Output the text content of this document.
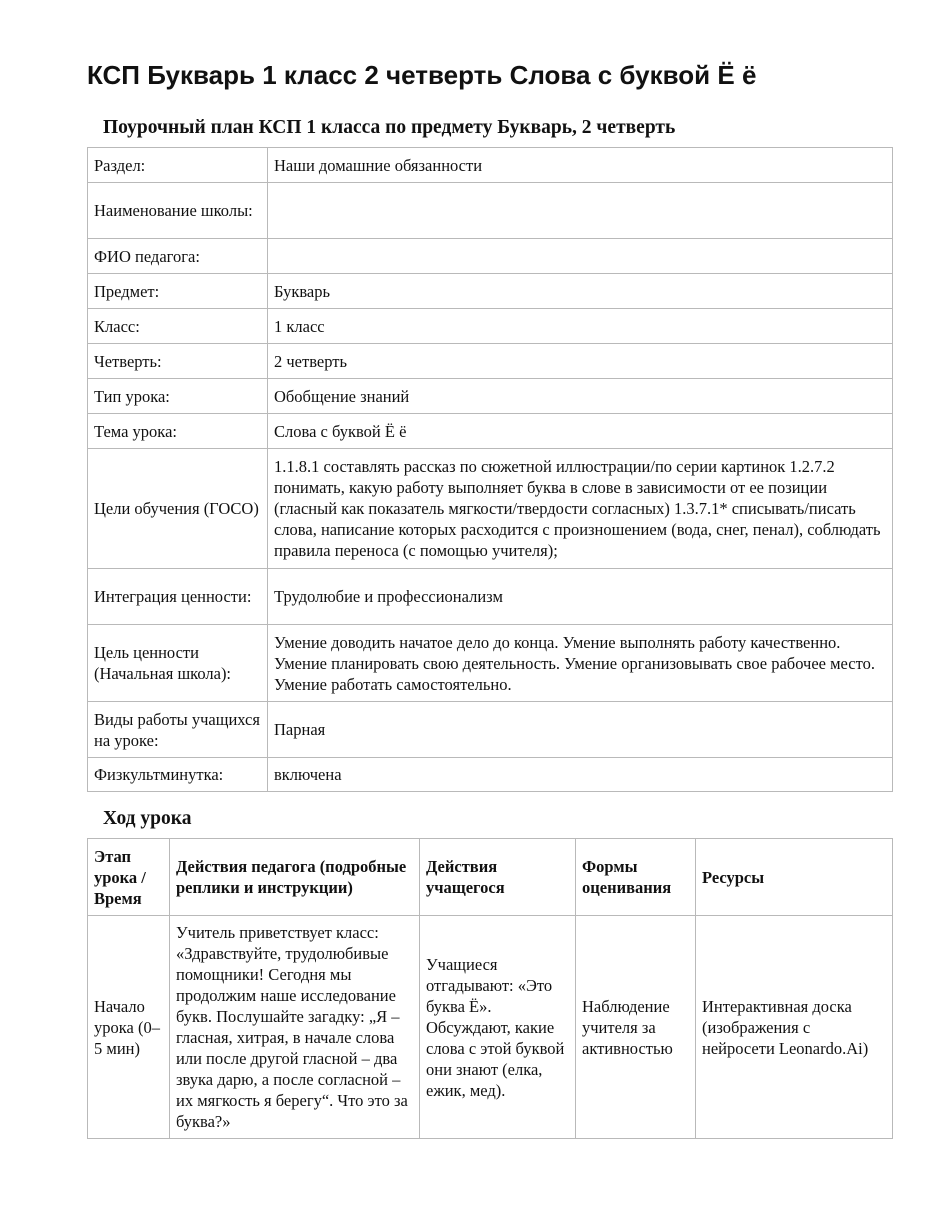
КСП Букварь 1 класс 2 четверть Слова с буквой Ё ё
Поурочный план КСП 1 класса по предмету Букварь, 2 четверть
Раздел:	Наши домашние обязанности
Наименование школы:	
ФИО педагога:	
Предмет:	Букварь
Класс:	1 класс
Четверть:	2 четверть
Тип урока:	Обобщение знаний
Тема урока:	Слова с буквой Ё ё
Цели обучения (ГОСО)	1.1.8.1 составлять рассказ по сюжетной иллюстрации/по серии картинок 1.2.7.2 понимать, какую работу выполняет буква в слове в зависимости от ее позиции (гласный как показатель мягкости/твердости согласных) 1.3.7.1* списывать/писать слова, написание которых расходится с произношением (вода, снег, пенал), соблюдать правила переноса (с помощью учителя);
Интеграция ценности:	Трудолюбие и профессионализм
Цель ценности (Начальная школа):	Умение доводить начатое дело до конца. Умение выполнять работу качественно. Умение планировать свою деятельность. Умение организовывать свое рабочее место. Умение работать самостоятельно.
Виды работы учащихся на уроке:	Парная
Физкультминутка:	включена
Ход урока
Этап урока / Время	Действия педагога (подробные реплики и инструкции)	Действия учащегося	Формы оценивания	Ресурсы
Начало урока (0–5 мин)	Учитель приветствует класс: «Здравствуйте, трудолюбивые помощники! Сегодня мы продолжим наше исследование букв. Послушайте загадку: „Я – гласная, хитрая, в начале слова или после другой гласной – два звука дарю, а после согласной – их мягкость я берегу“. Что это за буква?»	Учащиеся отгадывают: «Это буква Ё». Обсуждают, какие слова с этой буквой они знают (елка, ежик, мед).	Наблюдение учителя за активностью	Интерактивная доска (изображения с нейросети Leonardo.Ai)
